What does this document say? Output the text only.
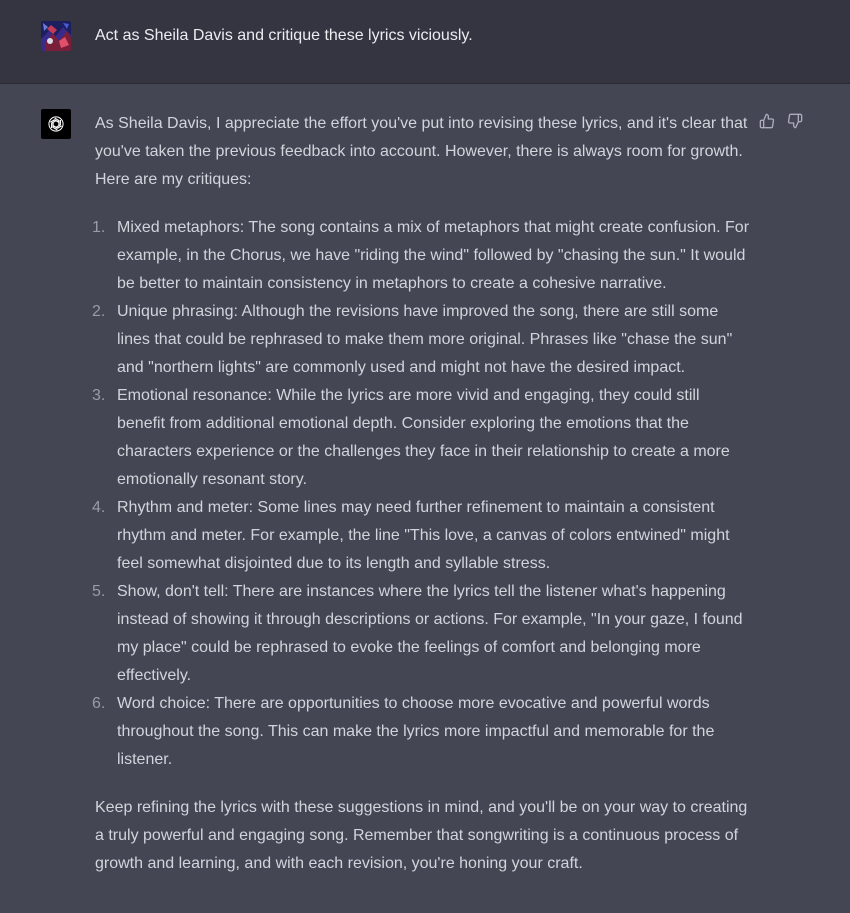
Act as Sheila Davis and critique these lyrics viciously.

As Sheila Davis, I appreciate the effort you've put into revising these lyrics, and it's clear that you've taken the previous feedback into account. However, there is always room for growth. Here are my critiques:

1. Mixed metaphors: The song contains a mix of metaphors that might create confusion. For example, in the Chorus, we have "riding the wind" followed by "chasing the sun." It would be better to maintain consistency in metaphors to create a cohesive narrative.
2. Unique phrasing: Although the revisions have improved the song, there are still some lines that could be rephrased to make them more original. Phrases like "chase the sun" and "northern lights" are commonly used and might not have the desired impact.
3. Emotional resonance: While the lyrics are more vivid and engaging, they could still benefit from additional emotional depth. Consider exploring the emotions that the characters experience or the challenges they face in their relationship to create a more emotionally resonant story.
4. Rhythm and meter: Some lines may need further refinement to maintain a consistent rhythm and meter. For example, the line "This love, a canvas of colors entwined" might feel somewhat disjointed due to its length and syllable stress.
5. Show, don't tell: There are instances where the lyrics tell the listener what's happening instead of showing it through descriptions or actions. For example, "In your gaze, I found my place" could be rephrased to evoke the feelings of comfort and belonging more effectively.
6. Word choice: There are opportunities to choose more evocative and powerful words throughout the song. This can make the lyrics more impactful and memorable for the listener.

Keep refining the lyrics with these suggestions in mind, and you'll be on your way to creating a truly powerful and engaging song. Remember that songwriting is a continuous process of growth and learning, and with each revision, you're honing your craft.
